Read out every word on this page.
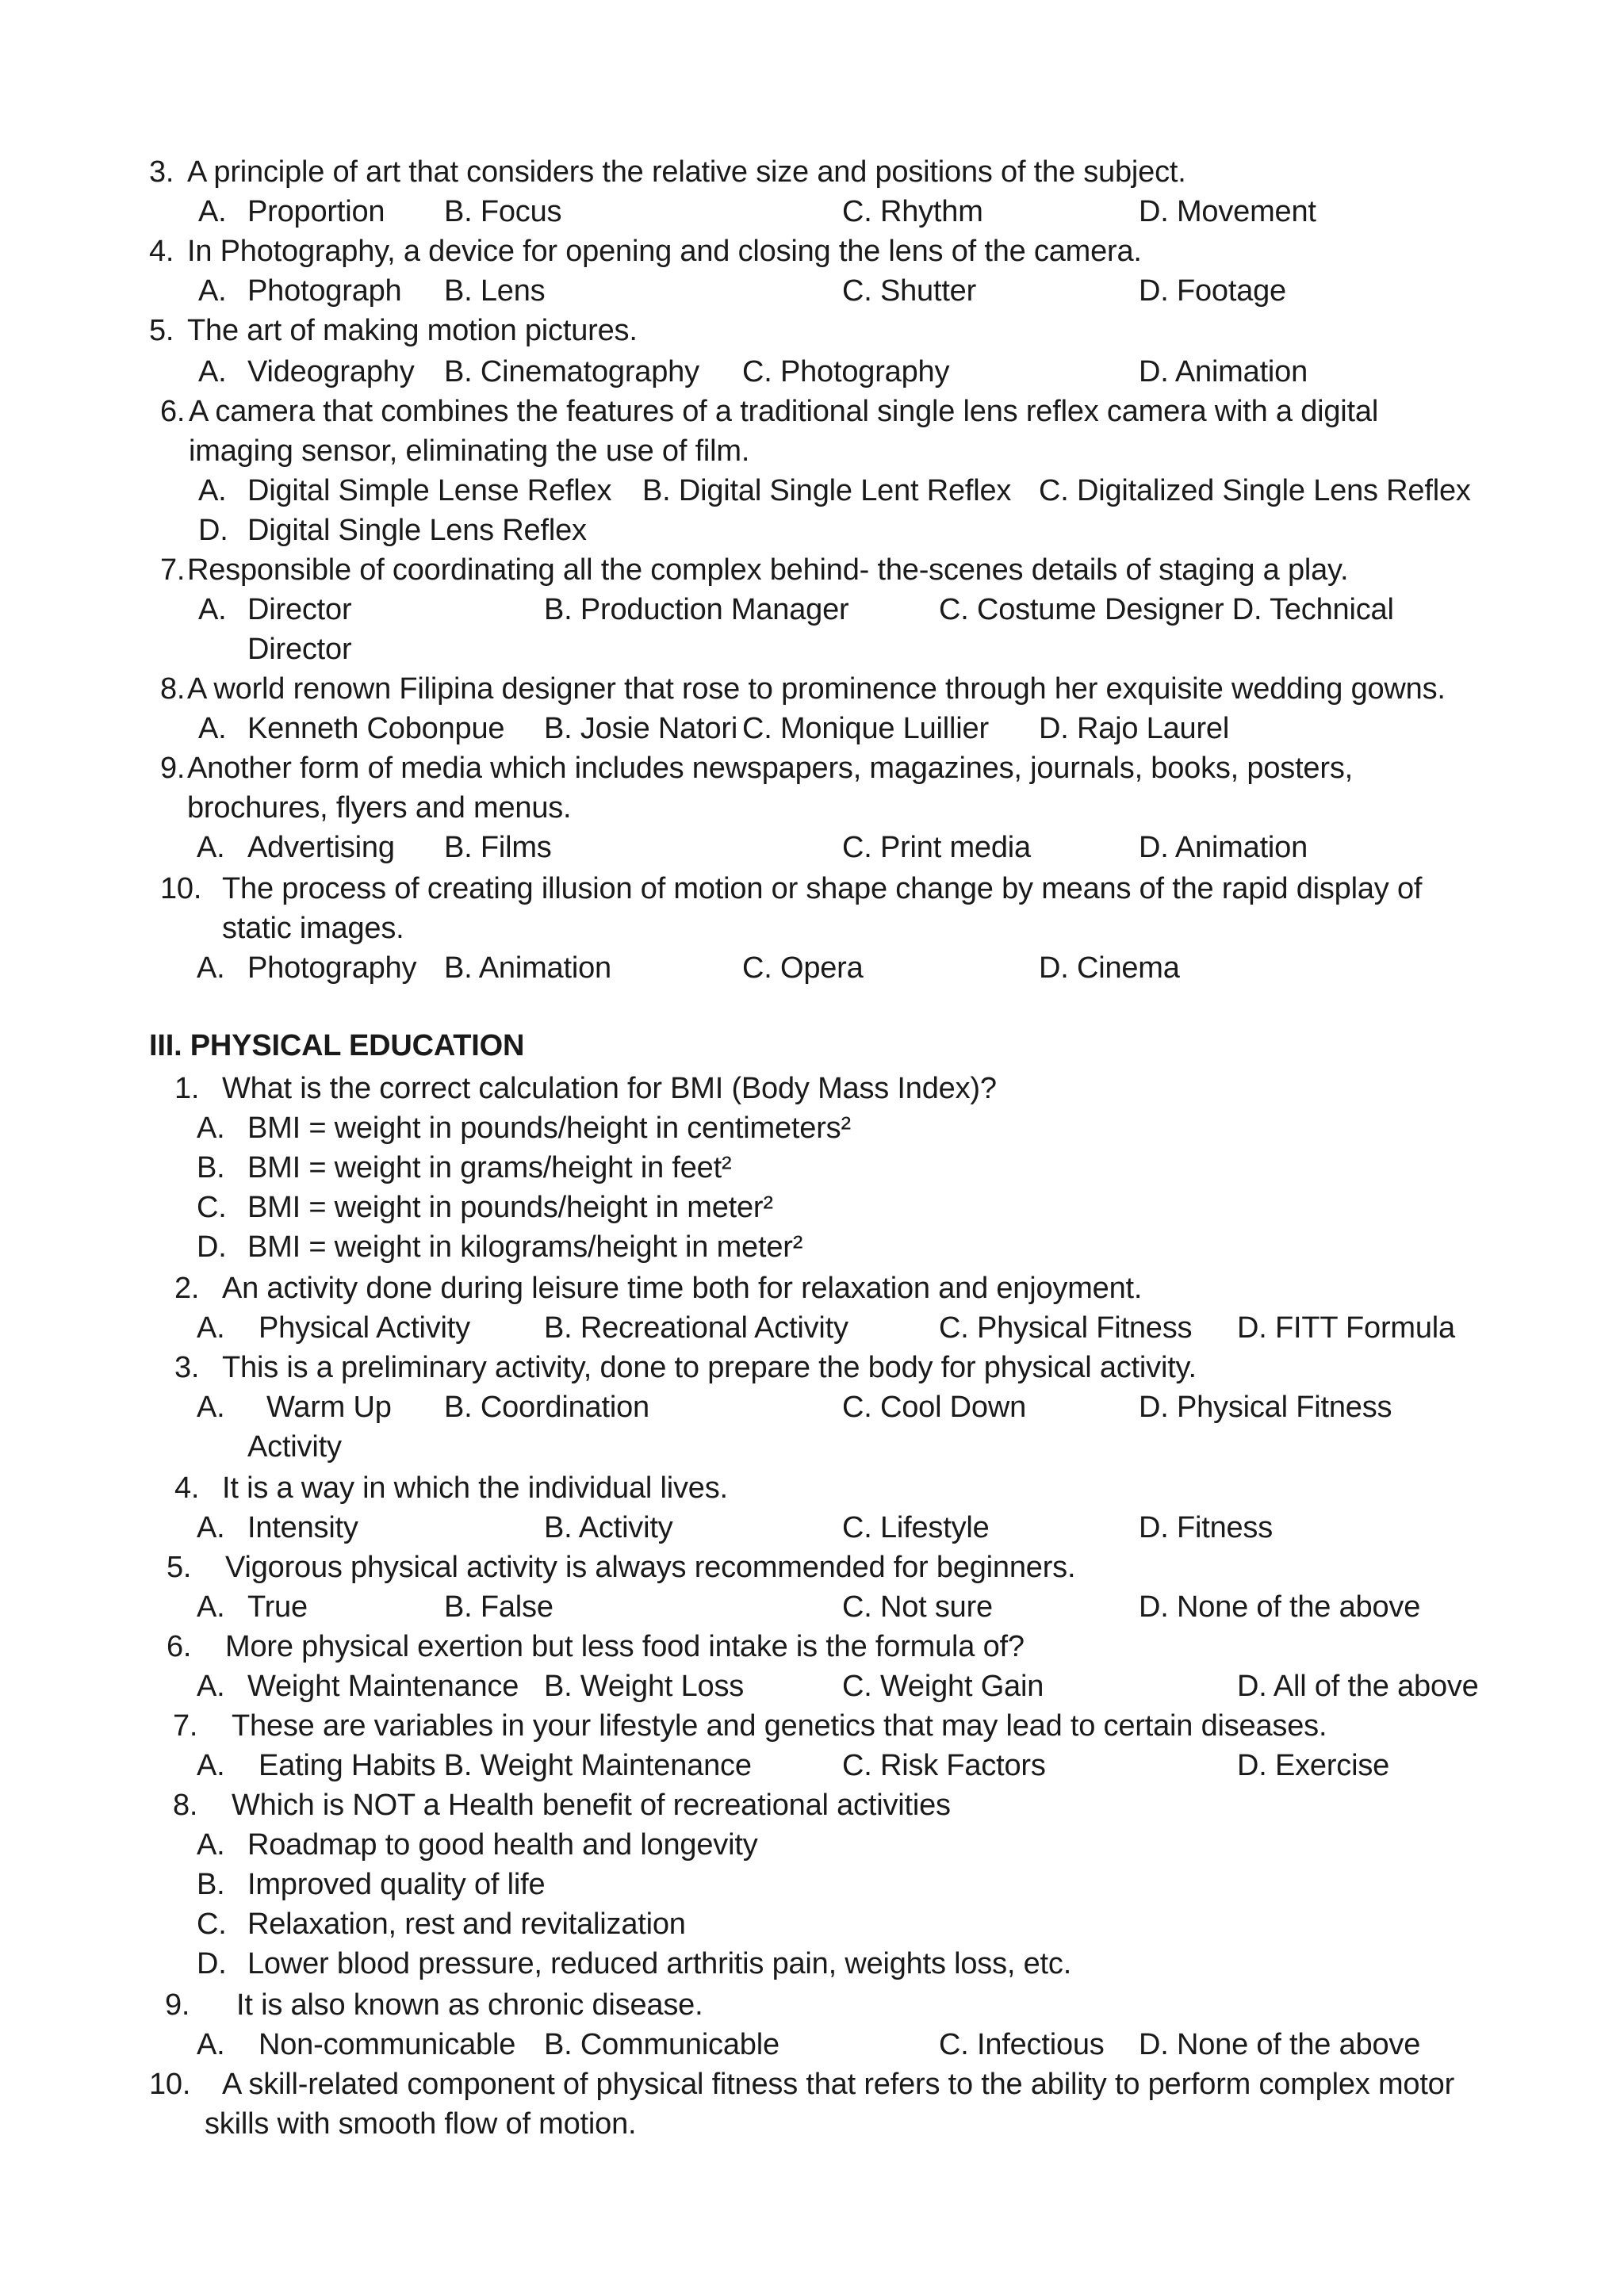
3. A principle of art that considers the relative size and positions of the subject.

A. Proportion B. Focus	C. Rhythm	D. Movement

4. In Photography, a device for opening and closing the lens of the camera.

A. Photograph B. Lens	C. Shutter	D. Footage

5. The art of making motion pictures.

A. Videography B. Cinematography C. Photography	D. Animation

6. A camera that combines the features of a traditional single lens reflex camera with a digital

imaging sensor, eliminating the use of film.

A. Digital Simple Lense Reflex B. Digital Single Lent Reflex C. Digitalized Single Lens Reflex

D. Digital Single Lens Reflex

7. Responsible of coordinating all the complex behind- the-scenes details of staging a play.

A. Director	B. Production Manager	C. Costume Designer D. Technical

Director

8. A world renown Filipina designer that rose to prominence through her exquisite wedding gowns.

A. Kenneth Cobonpue B. Josie Natori C. Monique Luillier D. Rajo Laurel

9. Another form of media which includes newspapers, magazines, journals, books, posters,

brochures, flyers and menus.

A. Advertising B. Films	C. Print media	D. Animation

10. The process of creating illusion of motion or shape change by means of the rapid display of

static images.

A. Photography B. Animation	C. Opera	D. Cinema

III. PHYSICAL EDUCATION

1. What is the correct calculation for BMI (Body Mass Index)?

A. BMI = weight in pounds/height in centimeters²

B. BMI = weight in grams/height in feet²

C. BMI = weight in pounds/height in meter²

D. BMI = weight in kilograms/height in meter²

2. An activity done during leisure time both for relaxation and enjoyment.

A. Physical Activity B. Recreational Activity	C. Physical Fitness D. FITT Formula

3. This is a preliminary activity, done to prepare the body for physical activity.

A. Warm Up B. Coordination	C. Cool Down	D. Physical Fitness

Activity

4. It is a way in which the individual lives.

A. Intensity	B. Activity	C. Lifestyle	D. Fitness

5. Vigorous physical activity is always recommended for beginners.

A. True	B. False	C. Not sure	D. None of the above

6. More physical exertion but less food intake is the formula of?

A. Weight Maintenance B. Weight Loss	C. Weight Gain	D. All of the above

7. These are variables in your lifestyle and genetics that may lead to certain diseases.

A. Eating Habits B. Weight Maintenance	C. Risk Factors	D. Exercise

8. Which is NOT a Health benefit of recreational activities

A. Roadmap to good health and longevity

B. Improved quality of life

C. Relaxation, rest and revitalization

D. Lower blood pressure, reduced arthritis pain, weights loss, etc.

9. It is also known as chronic disease.

A. Non-communicable B. Communicable	C. Infectious D. None of the above

10. A skill-related component of physical fitness that refers to the ability to perform complex motor

skills with smooth flow of motion.
